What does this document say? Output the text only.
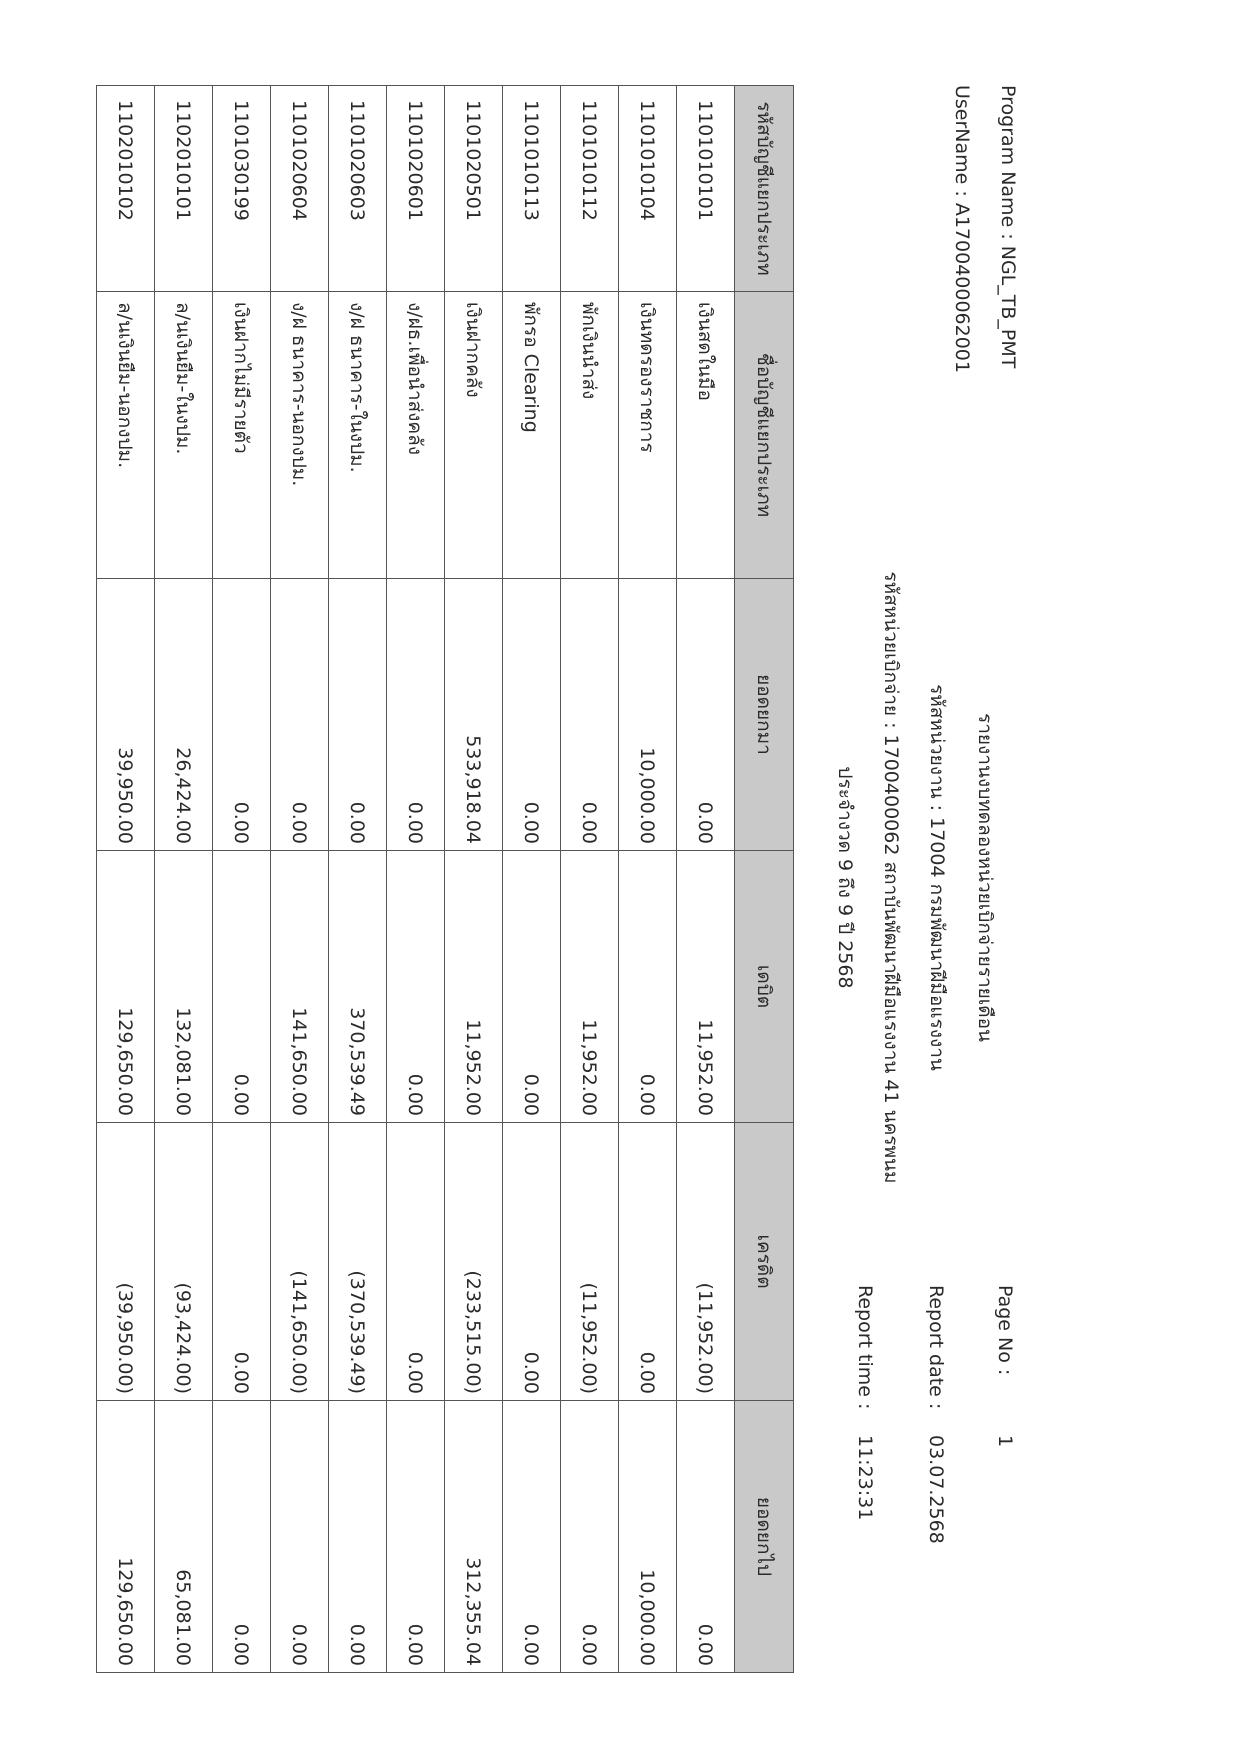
Program Name : NGL_TB_PMT
UserName : A170040006200​1
รายงานงบทดลองหน่วยเบิกจ่ายรายเดือน
รหัสหน่วยงาน : 17004 กรมพัฒนาฝีมือแรงงาน
รหัสหน่วยเบิกจ่าย : 1700400062 สถาบันพัฒนาฝีมือแรงงาน 41 นครพนม
ประจำงวด 9 ถึง 9 ปี 2568
Page No :
1
Report date :
03.07.2568
Report time :
11:23:31
รหัสบัญชีแยกประเภท	ชื่อบัญชีแยกประเภท	ยอดยกมา	เดบิต	เครดิต	ยอดยกไป
1101010101	เงินสดในมือ	0.00	11,952.00	(11,952.00)	0.00
1101010104	เงินทดรองราชการ	10,000.00	0.00	0.00	10,000.00
1101010112	พักเงินนำส่ง	0.00	11,952.00	(11,952.00)	0.00
1101010113	พักรอ Clearing	0.00	0.00	0.00	0.00
1101020501	เงินฝากคลัง	533,918.04	11,952.00	(233,515.00)	312,355.04
1101020601	ง/ฝธ.เพื่อนำส่งคลัง	0.00	0.00	0.00	0.00
1101020603	ง/ฝ ธนาคาร-ในงปม.	0.00	370,539.49	(370,539.49)	0.00
1101020604	ง/ฝ ธนาคาร-นอกงปม.	0.00	141,650.00	(141,650.00)	0.00
1101030199	เงินฝากไม่มีรายตัว	0.00	0.00	0.00	0.00
1102010101	ล/นเงินยืม-ในงปม.	26,424.00	132,081.00	(93,424.00)	65,081.00
1102010102	ล/นเงินยืม-นอกงปม.	39,950.00	129,650.00	(39,950.00)	129,650.00
